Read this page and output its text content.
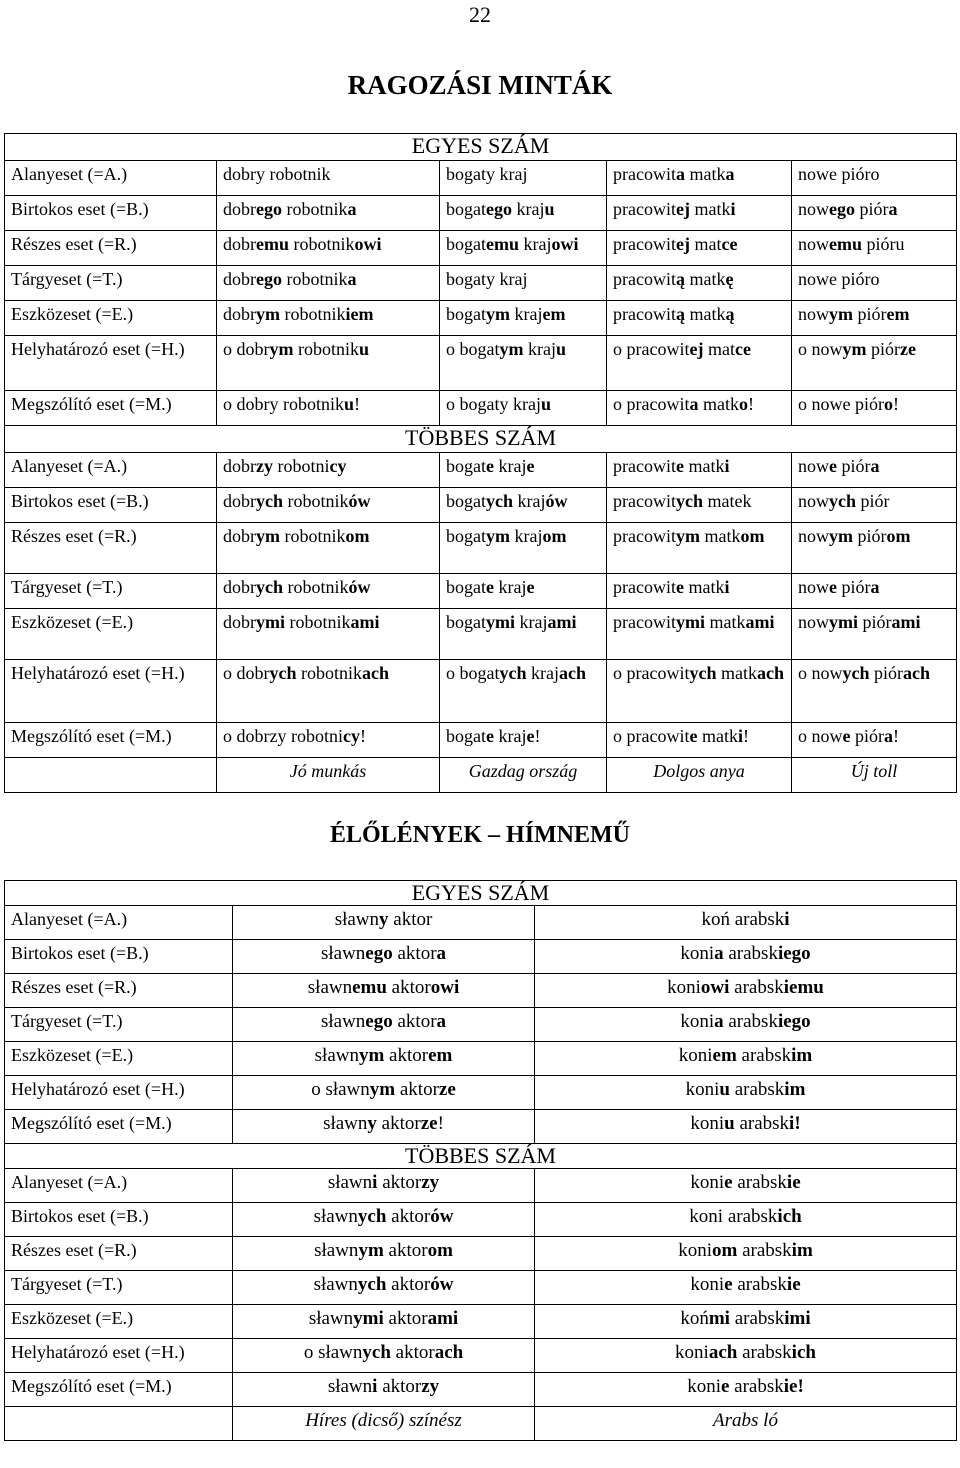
22
RAGOZÁSI MINTÁK
EGYES SZÁM				
Alanyeset (=A.)	dobry robotnik	bogaty kraj	pracowita matka	nowe pióro
Birtokos eset (=B.)	dobrego robotnika	bogatego kraju	pracowitej matki	nowego pióra
Részes eset (=R.)	dobremu robotnikowi	bogatemu krajowi	pracowitej matce	nowemu pióru
Tárgyeset (=T.)	dobrego robotnika	bogaty kraj	pracowitą matkę	nowe pióro
Eszközeset (=E.)	dobrym robotnikiem	bogatym krajem	pracowitą matką	nowym piórem
Helyhatározó eset (=H.)	o dobrym robotniku	o bogatym kraju	o pracowitej matce	o nowym piórze
Megszólító eset (=M.)	o dobry robotniku!	o bogaty kraju	o pracowita matko!	o nowe pióro!
TÖBBES SZÁM				
Alanyeset (=A.)	dobrzy robotnicy	bogate kraje	pracowite matki	nowe pióra
Birtokos eset (=B.)	dobrych robotników	bogatych krajów	pracowitych matek	nowych piór
Részes eset (=R.)	dobrym robotnikom	bogatym krajom	pracowitym matkom	nowym piórom
Tárgyeset (=T.)	dobrych robotników	bogate kraje	pracowite matki	nowe pióra
Eszközeset (=E.)	dobrymi robotnikami	bogatymi krajami	pracowitymi matkami	nowymi piórami
Helyhatározó eset (=H.)	o dobrych robotnikach	o bogatych krajach	o pracowitych matkach	o nowych piórach
Megszólító eset (=M.)	o dobrzy robotnicy!	bogate kraje!	o pracowite matki!	o nowe pióra!
	Jó munkás	Gazdag ország	Dolgos anya	Új toll
ÉLŐLÉNYEK – HÍMNEMŰ
EGYES SZÁM		
Alanyeset (=A.)	sławny aktor	koń arabski
Birtokos eset (=B.)	sławnego aktora	konia arabskiego
Részes eset (=R.)	sławnemu aktorowi	koniowi arabskiemu
Tárgyeset (=T.)	sławnego aktora	konia arabskiego
Eszközeset (=E.)	sławnym aktorem	koniem arabskim
Helyhatározó eset (=H.)	o sławnym aktorze	koniu arabskim
Megszólító eset (=M.)	sławny aktorze!	koniu arabski!
TÖBBES SZÁM		
Alanyeset (=A.)	sławni aktorzy	konie arabskie
Birtokos eset (=B.)	sławnych aktorów	koni arabskich
Részes eset (=R.)	sławnym aktorom	koniom arabskim
Tárgyeset (=T.)	sławnych aktorów	konie arabskie
Eszközeset (=E.)	sławnymi aktorami	końmi arabskimi
Helyhatározó eset (=H.)	o sławnych aktorach	koniach arabskich
Megszólító eset (=M.)	sławni aktorzy	konie arabskie!
	Híres (dicső) színész	Arabs ló
